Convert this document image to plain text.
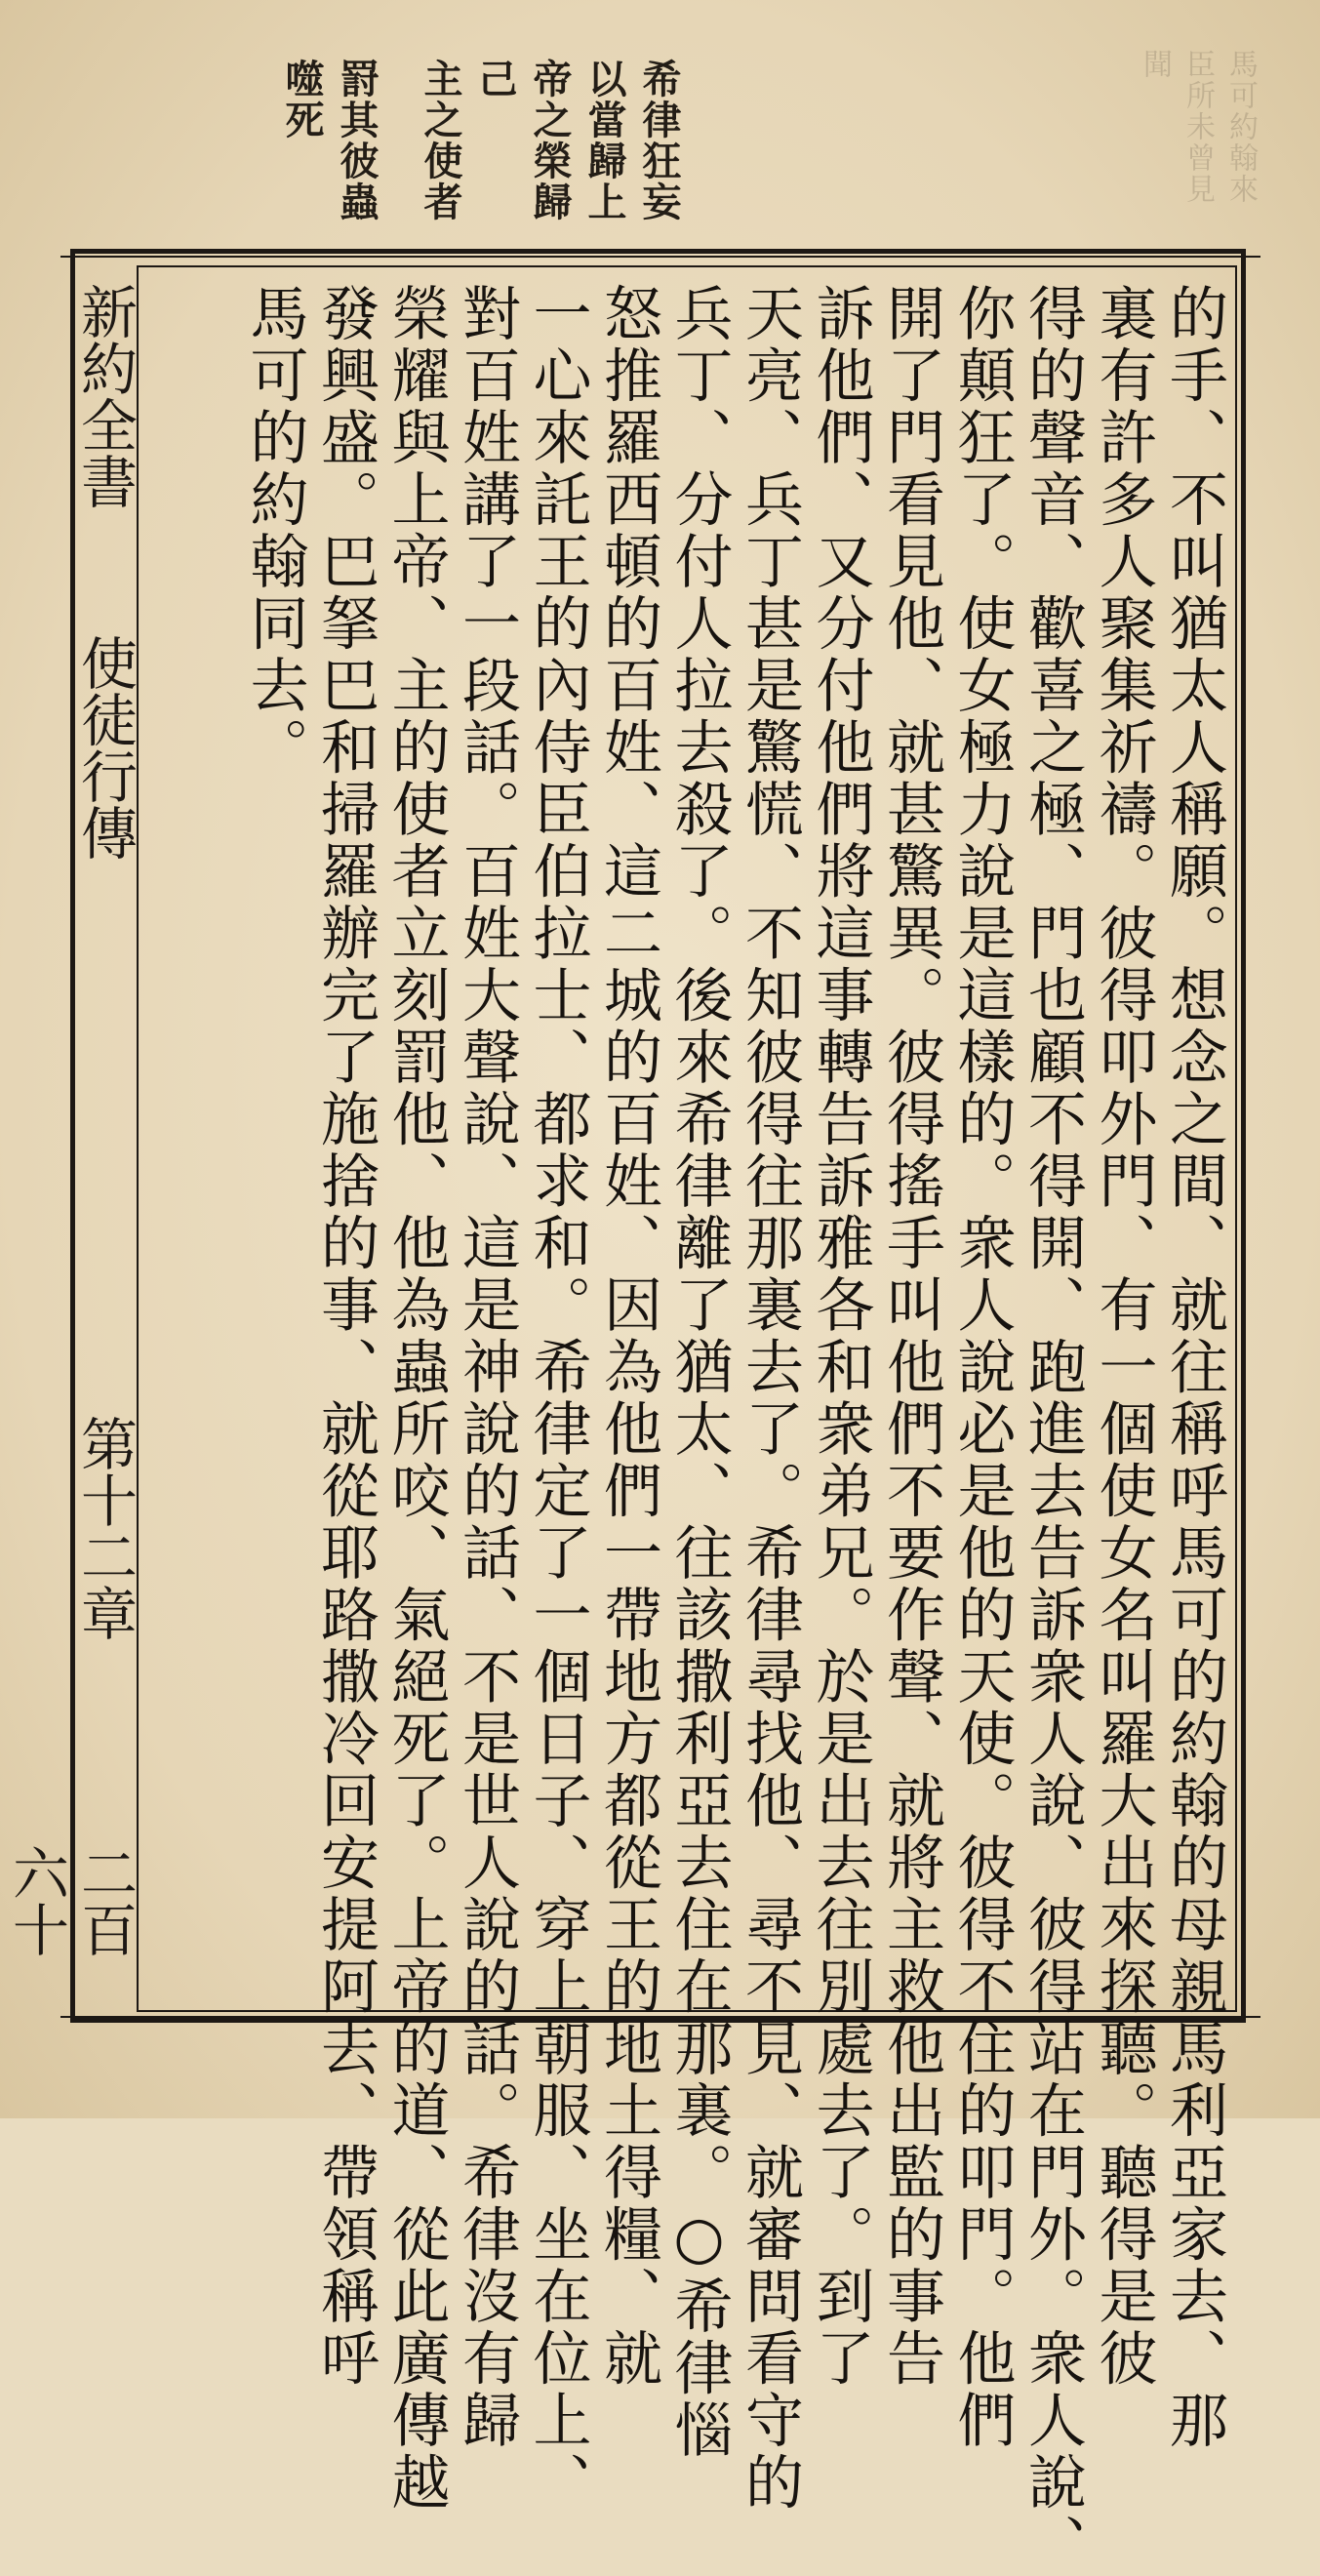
希律狂妄
以當歸上
帝之榮歸
己
主之使者
罸其彼蟲
噬死	馬可約翰來臣所未曾見聞
新約全書
使徒行傳
第十二章
二百六十	的手、不叫猶太人稱願。想念之間、就往稱呼馬可的約翰的母親馬利亞家去、那
裏有許多人聚集祈禱。彼得叩外門、有一個使女名叫羅大出來探聽。聽得是彼
得的聲音、歡喜之極、門也顧不得開、跑進去告訴衆人說、彼得站在門外。衆人說、
你顛狂了。使女極力說是這樣的。衆人說必是他的天使。彼得不住的叩門。他們
開了門看見他、就甚驚異。彼得搖手叫他們不要作聲、就將主救他出監的事告
訴他們、又分付他們將這事轉告訴雅各和衆弟兄。於是出去往別處去了。到了
天亮、兵丁甚是驚慌、不知彼得往那裏去了。希律尋找他、尋不見、就審問看守的
兵丁、分付人拉去殺了。後來希律離了猶太、往該撒利亞去住在那裏。○希律惱
怒推羅西頓的百姓、這二城的百姓、因為他們一帶地方都從王的地土得糧、就
一心來託王的內侍臣伯拉士、都求和。希律定了一個日子、穿上朝服、坐在位上、
對百姓講了一段話。百姓大聲說、這是神說的話、不是世人說的話。希律沒有歸
榮耀與上帝、主的使者立刻罰他、他為蟲所咬、氣絕死了。上帝的道、從此廣傳越
發興盛。巴拏巴和掃羅辦完了施捨的事、就從耶路撒冷回安提阿去、帶領稱呼
馬可的約翰同去。
